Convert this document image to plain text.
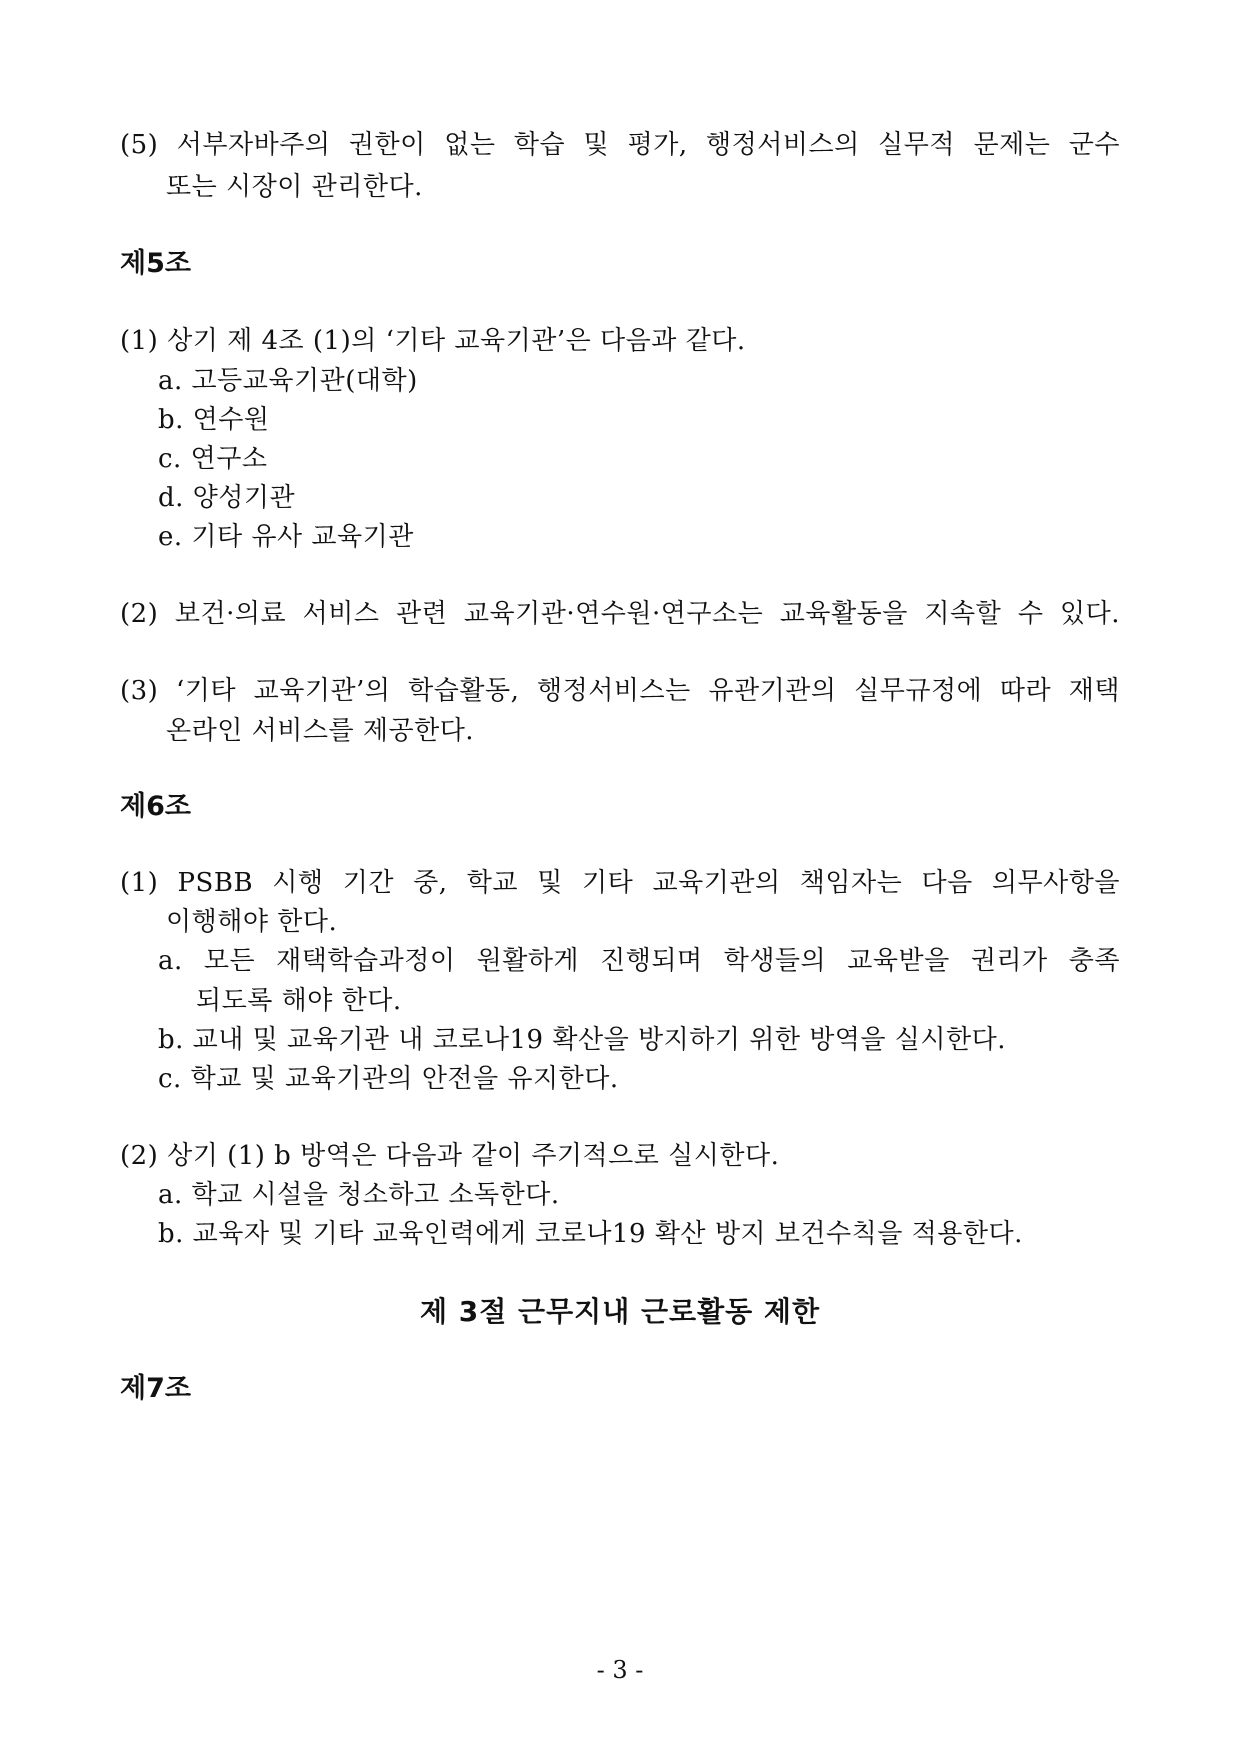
(5) 서부자바주의 권한이 없는 학습 및 평가, 행정서비스의 실무적 문제는 군수
또는 시장이 관리한다.
제5조
(1) 상기 제 4조 (1)의 ‘기타 교육기관’은 다음과 같다.
a. 고등교육기관(대학)
b. 연수원
c. 연구소
d. 양성기관
e. 기타 유사 교육기관
(2) 보건·의료 서비스 관련 교육기관·연수원·연구소는 교육활동을 지속할 수 있다.
(3) ‘기타 교육기관’의 학습활동, 행정서비스는 유관기관의 실무규정에 따라 재택
온라인 서비스를 제공한다.
제6조
(1) PSBB 시행 기간 중, 학교 및 기타 교육기관의 책임자는 다음 의무사항을
이행해야 한다.
a. 모든 재택학습과정이 원활하게 진행되며 학생들의 교육받을 권리가 충족
되도록 해야 한다.
b. 교내 및 교육기관 내 코로나19 확산을 방지하기 위한 방역을 실시한다.
c. 학교 및 교육기관의 안전을 유지한다.
(2) 상기 (1) b 방역은 다음과 같이 주기적으로 실시한다.
a. 학교 시설을 청소하고 소독한다.
b. 교육자 및 기타 교육인력에게 코로나19 확산 방지 보건수칙을 적용한다.
제 3절 근무지내 근로활동 제한
제7조
- 3 -
